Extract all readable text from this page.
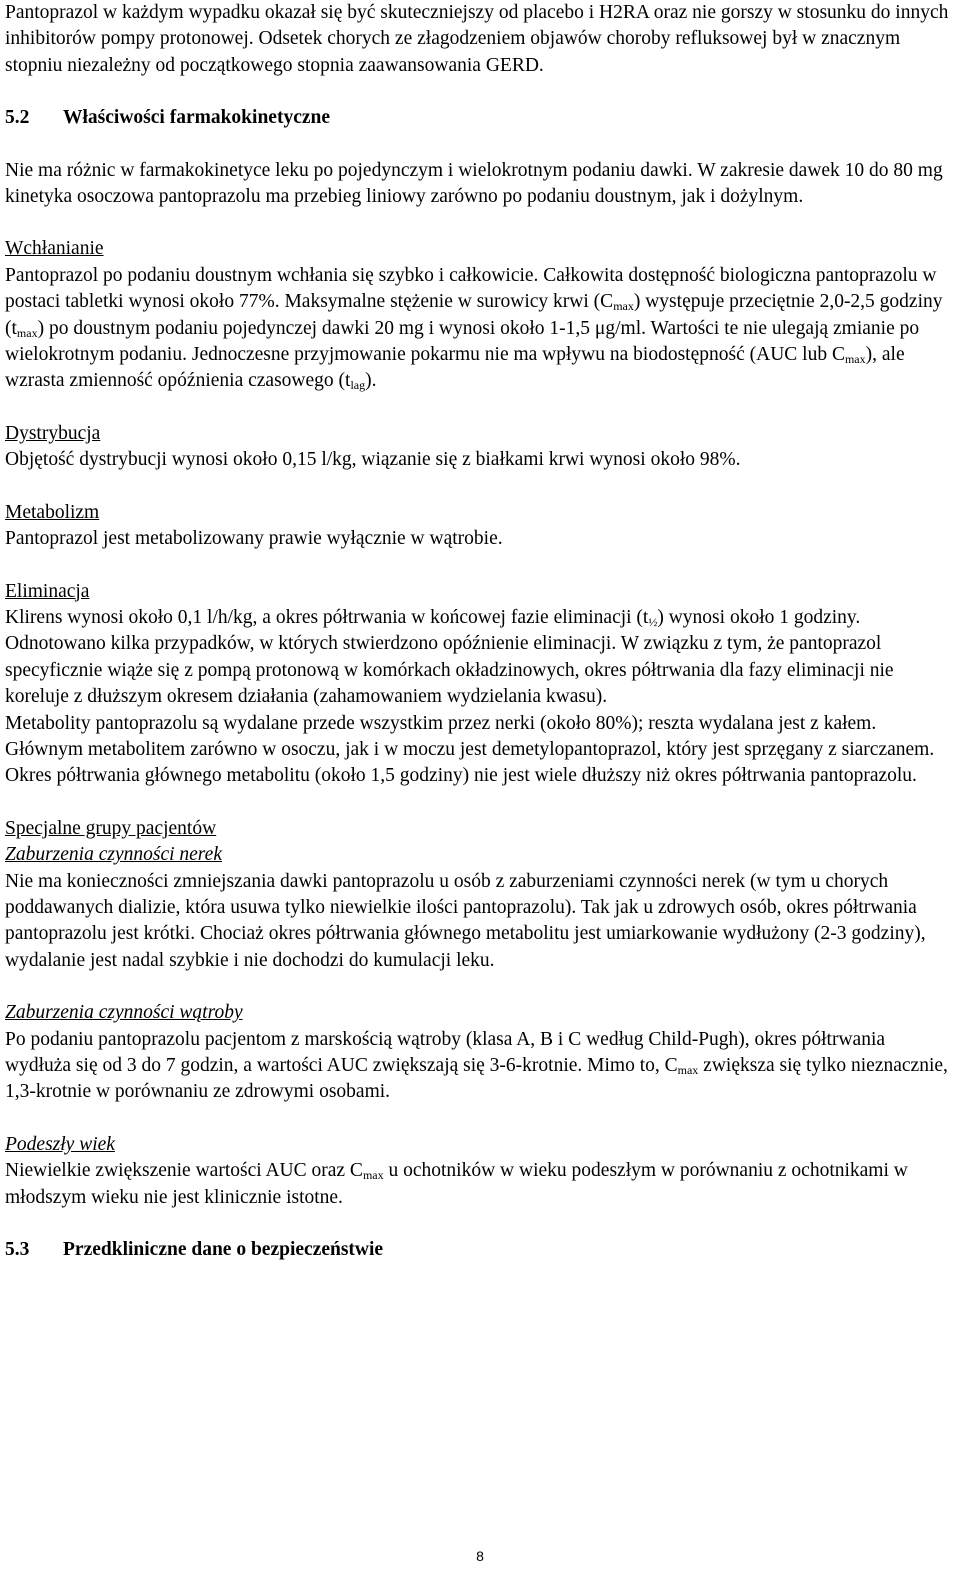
Pantoprazol w każdym wypadku okazał się być skuteczniejszy od placebo i H2RA oraz nie gorszy w stosunku do innych inhibitorów pompy protonowej. Odsetek chorych ze złagodzeniem objawów choroby refluksowej był w znacznym stopniu niezależny od początkowego stopnia zaawansowania GERD.

5.2 Właściwości farmakokinetyczne

Nie ma różnic w farmakokinetyce leku po pojedynczym i wielokrotnym podaniu dawki. W zakresie dawek 10 do 80 mg kinetyka osoczowa pantoprazolu ma przebieg liniowy zarówno po podaniu doustnym, jak i dożylnym.

Wchłanianie

Pantoprazol po podaniu doustnym wchłania się szybko i całkowicie. Całkowita dostępność biologiczna pantoprazolu w postaci tabletki wynosi około 77%. Maksymalne stężenie w surowicy krwi $(C_{max})$ występuje przeciętnie 2,0-2,5 godziny $(t_{max})$ po doustnym podaniu pojedynczej dawki 20 mg i wynosi około 1-1,5 μg/ml. Wartości te nie ulegają zmianie po wielokrotnym podaniu. Jednoczesne przyjmowanie pokarmu nie ma wpływu na biodostępność (AUC lub $C_{max}$), ale wzrasta zmienność opóźnienia czasowego $(t_{lag})$.

Dystrybucja

Objętość dystrybucji wynosi około 0,15 l/kg, wiązanie się z białkami krwi wynosi około 98%.

Metabolizm

Pantoprazol jest metabolizowany prawie wyłącznie w wątrobie.

Eliminacja

Klirens wynosi około 0,1 l/h/kg, a okres półtrwania w końcowej fazie eliminacji $(t_{\frac{1}{2}})$ wynosi około 1 godziny. Odnotowano kilka przypadków, w których stwierdzono opóźnienie eliminacji. W związku z tym, że pantoprazol specyficznie wiąże się z pompą protonową w komórkach okładzinowych, okres półtrwania dla fazy eliminacji nie koreluje z dłuższym okresem działania (zahamowaniem wydzielania kwasu).

Metabolity pantoprazolu są wydalane przede wszystkim przez nerki (około 80%); reszta wydalana jest z kałem. Głównym metabolitem zarówno w osoczu, jak i w moczu jest demetylopantoprazol, który jest sprzęgany z siarczanem. Okres półtrwania głównego metabolitu (około 1,5 godziny) nie jest wiele dłuższy niż okres półtrwania pantoprazolu.

Specjalne grupy pacjentów

Zaburzenia czynności nerek

Nie ma konieczności zmniejszania dawki pantoprazolu u osób z zaburzeniami czynności nerek (w tym u chorych poddawanych dializie, która usuwa tylko niewielkie ilości pantoprazolu). Tak jak u zdrowych osób, okres półtrwania pantoprazolu jest krótki. Chociaż okres półtrwania głównego metabolitu jest umiarkowanie wydłużony (2-3 godziny), wydalanie jest nadal szybkie i nie dochodzi do kumulacji leku.

Zaburzenia czynności wątroby

Po podaniu pantoprazolu pacjentom z marskością wątroby (klasa A, B i C według Child-Pugh), okres półtrwania wydłuża się od 3 do 7 godzin, a wartości AUC zwiększają się 3-6-krotnie. Mimo to, $C_{max}$ zwiększa się tylko nieznacznie, 1,3-krotnie w porównaniu ze zdrowymi osobami.

Podeszły wiek

Niewielkie zwiększenie wartości AUC oraz $C_{max}$ u ochotników w wieku podeszłym w porównaniu z ochotnikami w młodszym wieku nie jest klinicznie istotne.

5.3 Przedkliniczne dane o bezpieczeństwie
8
